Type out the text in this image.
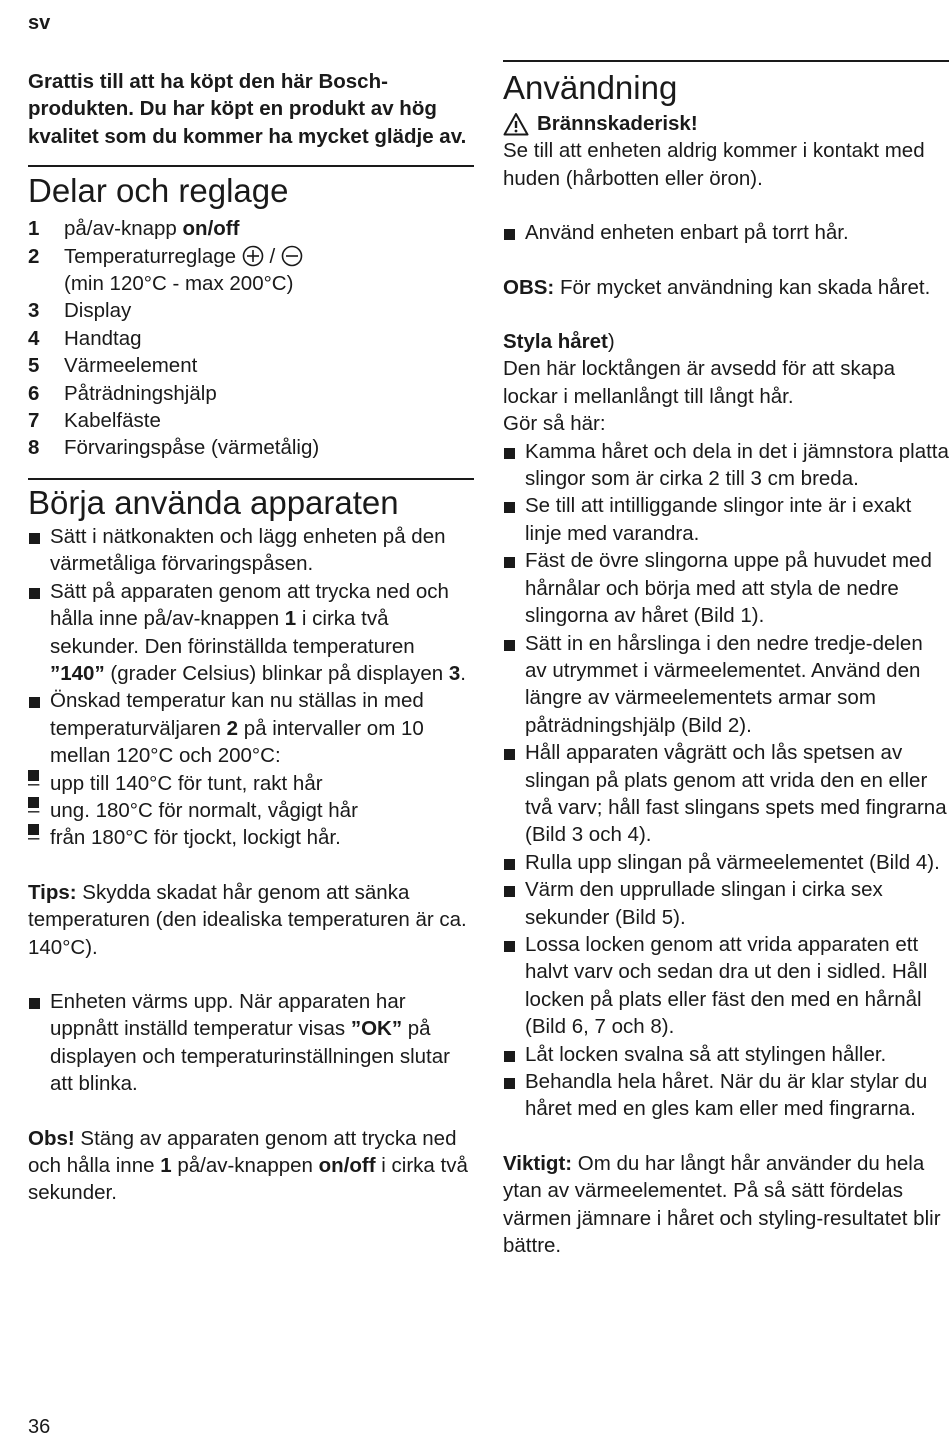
sv

Grattis till att ha köpt den här Bosch-produkten. Du har köpt en produkt av hög kvalitet som du kommer ha mycket glädje av.

Delar och reglage
1	på/av-knapp on/off
2	Temperaturreglage  /
(min 120°C - max 200°C)
3	Display
4	Handtag
5	Värmeelement
6	Påträdningshjälp
7	Kabelfäste
8	Förvaringspåse (värmetålig)
Börja använda apparaten
Sätt i nätkonakten och lägg enheten på den värmetåliga förvaringspåsen.
Sätt på apparaten genom att trycka ned och hålla inne på/av-knappen 1 i cirka två sekunder. Den förinställda temperaturen ”140” (grader Celsius) blinkar på displayen 3.
Önskad temperatur kan nu ställas in med temperaturväljaren 2 på intervaller om 10 mellan 120°C och 200°C:
– upp till 140°C för tunt, rakt hår
– ung. 180°C för normalt, vågigt hår
– från 180°C för tjockt, lockigt hår.

Tips: Skydda skadat hår genom att sänka temperaturen (den idealiska temperaturen är ca. 140°C).

Enheten värms upp. När apparaten har uppnått inställd temperatur visas ”OK” på displayen och temperaturinställningen slutar att blinka.

Obs! Stäng av apparaten genom att trycka ned och hålla inne 1 på/av-knappen on/off i cirka två sekunder.

Användning
Brännskaderisk!

Se till att enheten aldrig kommer i kontakt med huden (hårbotten eller öron).

Använd enheten enbart på torrt hår.

OBS: För mycket användning kan skada håret.

Styla håret)

Den här locktången är avsedd för att skapa lockar i mellanlångt till långt hår.

Gör så här:

Kamma håret och dela in det i jämnstora platta slingor som är cirka 2 till 3 cm breda.
Se till att intilliggande slingor inte är i exakt linje med varandra.
Fäst de övre slingorna uppe på huvudet med hårnålar och börja med att styla de nedre slingorna av håret (Bild 1).
Sätt in en hårslinga i den nedre tredje-delen av utrymmet i värmeelementet. Använd den längre av värmeelementets armar som påträdningshjälp (Bild 2).
Håll apparaten vågrätt och lås spetsen av slingan på plats genom att vrida den en eller två varv; håll fast slingans spets med fingrarna (Bild 3 och 4).
Rulla upp slingan på värmeelementet (Bild 4).
Värm den upprullade slingan i cirka sex sekunder (Bild 5).
Lossa locken genom att vrida apparaten ett halvt varv och sedan dra ut den i sidled. Håll locken på plats eller fäst den med en hårnål (Bild 6, 7 och 8).
Låt locken svalna så att stylingen håller.
Behandla hela håret. När du är klar stylar du håret med en gles kam eller med fingrarna.

Viktigt: Om du har långt hår använder du hela ytan av värmeelementet. På så sätt fördelas värmen jämnare i håret och styling-resultatet blir bättre.

36
